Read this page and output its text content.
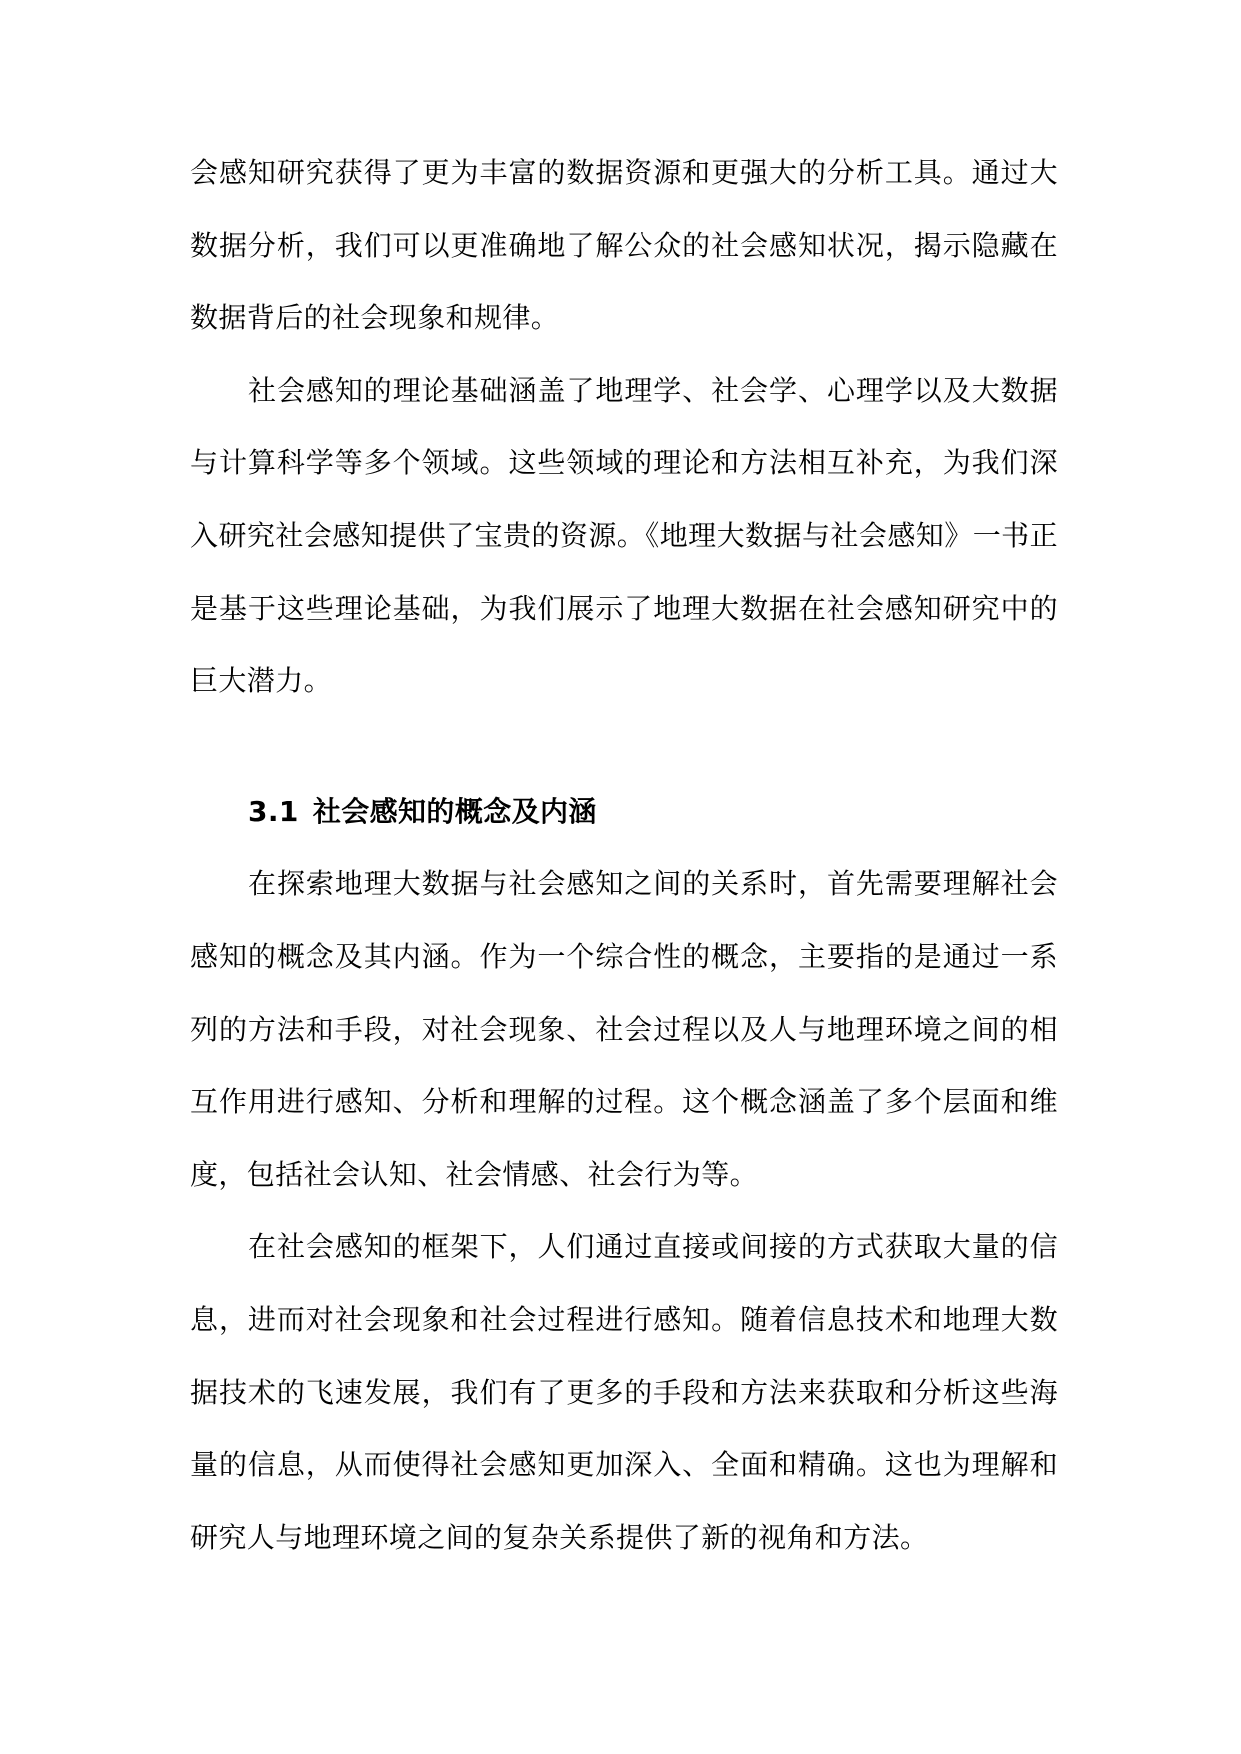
会感知研究获得了更为丰富的数据资源和更强大的分析工具。通过大数据分析，我们可以更准确地了解公众的社会感知状况，揭示隐藏在数据背后的社会现象和规律。

社会感知的理论基础涵盖了地理学、社会学、心理学以及大数据与计算科学等多个领域。这些领域的理论和方法相互补充，为我们深入研究社会感知提供了宝贵的资源。《地理大数据与社会感知》一书正是基于这些理论基础，为我们展示了地理大数据在社会感知研究中的巨大潜力。

3.1 社会感知的概念及内涵

在探索地理大数据与社会感知之间的关系时，首先需要理解社会感知的概念及其内涵。作为一个综合性的概念，主要指的是通过一系列的方法和手段，对社会现象、社会过程以及人与地理环境之间的相互作用进行感知、分析和理解的过程。这个概念涵盖了多个层面和维度，包括社会认知、社会情感、社会行为等。

在社会感知的框架下，人们通过直接或间接的方式获取大量的信息，进而对社会现象和社会过程进行感知。随着信息技术和地理大数据技术的飞速发展，我们有了更多的手段和方法来获取和分析这些海量的信息，从而使得社会感知更加深入、全面和精确。这也为理解和研究人与地理环境之间的复杂关系提供了新的视角和方法。
